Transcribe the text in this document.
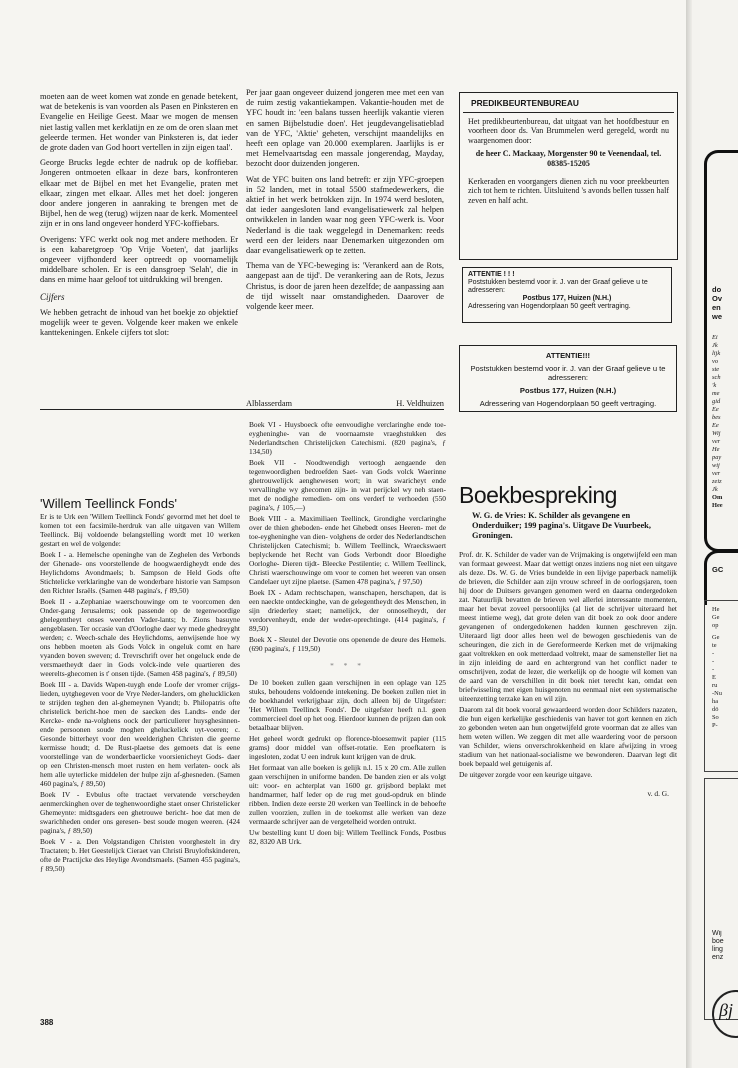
moeten aan de weet komen wat zonde en genade betekent, wat de betekenis is van voorden als Pasen en Pinksteren en Evangelie en Heilige Geest. Maar we mogen de mensen niet lastig vallen met kerklatijn en ze om de oren slaan met geleerde termen. Het wonder van Pinksteren is, dat ieder de grote daden van God hoort vertellen in zijn eigen taal'.

George Brucks legde echter de nadruk op de koffiebar. Jongeren ontmoeten elkaar in deze bars, konfronteren elkaar met de Bijbel en met het Evangelie, praten met elkaar, zingen met elkaar. Alles met het doel: jongeren door andere jongeren in aanraking te brengen met de Bijbel, hen de weg (terug) wijzen naar de kerk. Momenteel zijn er in ons land ongeveer honderd YFC-koffiebars.

Overigens: YFC werkt ook nog met andere methoden. Er is een kabaretgroep 'Op Vrije Voeten', dat jaarlijks ongeveer vijfhonderd keer optreedt op voornamelijk middelbare scholen. Er is een dansgroep 'Selah', die in dans en mime haar geloof tot uitdrukking wil brengen.

Cijfers

We hebben getracht de inhoud van het boekje zo objektief mogelijk weer te geven. Volgende keer maken we enkele kanttekeningen. Enkele cijfers tot slot:

Per jaar gaan ongeveer duizend jongeren mee met een van de ruim zestig vakantiekampen. Vakantie-houden met de YFC houdt in: 'een balans tussen heerlijk vakantie vieren en samen Bijbelstudie doen'. Het jeugdevangelisatieblad van de YFC, 'Aktie' geheten, verschijnt maandelijks en heeft een oplage van 20.000 exemplaren. Jaarlijks is er met Hemelvaartsdag een massale jongerendag, Mayday, bezocht door duizenden jongeren.

Wat de YFC buiten ons land betreft: er zijn YFC-groepen in 52 landen, met in totaal 5500 stafmedewerkers, die aktief in het werk betrokken zijn. In 1974 werd besloten, dat ieder aangesloten land evangelisatiewerk zal helpen ontwikkelen in landen waar nog geen YFC-werk is. Voor Nederland is die taak weggelegd in Denemarken: reeds werd een der leiders naar Denemarken uitgezonden om daar evangelisatiewerk op te zetten.

Thema van de YFC-beweging is: 'Verankerd aan de Rots, aangepast aan de tijd'. De verankering aan de Rots, Jezus Christus, is door de jaren heen dezelfde; de aanpassing aan de tijd wisselt naar omstandigheden. Daarover de volgende keer meer.

Alblasserdam	H. Veldhuizen
PREDIKBEURTENBUREAU

Het predikbeurtenbureau, dat uitgaat van het hoofdbestuur en voorheen door ds. Van Brummelen werd geregeld, wordt nu waargenomen door:

de heer C. Mackaay, Morgenster 90 te Veenendaal, tel. 08385-15205

Kerkeraden en voorgangers dienen zich nu voor preekbeurten zich tot hem te richten. Uitsluitend 's avonds bellen tussen half zeven en half acht.

ATTENTIE ! ! !
Poststukken bestemd voor ir. J. van der Graaf gelieve u te adresseren:
Postbus 177, Huizen (N.H.)
Adressering van Hogendorplaan 50 geeft vertraging.
ATTENTIE!!!
Poststukken bestemd voor ir. J. van der Graaf gelieve u te adresseren:
Postbus 177, Huizen (N.H.)
Adressering van Hogendorplaan 50 geeft vertraging.
'Willem Teellinck Fonds'

Er is te Urk een 'Willem Teellinck Fonds' gevormd met het doel te komen tot een facsimile-herdruk van alle uitgaven van Willem Teellinck. Bij voldoende belangstelling wordt met 10 werken gestart en wel de volgende:

Boek I - a. Hemelsche openinghe van de Zeghelen des Verbonds der Ghenade- ons voorstellende de hoogwaerdigheydt ende des Heylichdoms Avondmaels; b. Sampson de Held Gods ofte Stichtelicke verklaringhe van de wonderbare historie van Sampson den Richter Israëls. (Samen 448 pagina's, ƒ 89,50)

Boek II - a.Zephaniae waerschouwinge om te voorcomen den Onder-gang Jerusalems; ook passende op de tegenwoordige ghelegentheyt onses weerden Vader-lants; b. Zions basuyne aengeblasen. Ter occasie van d'Oorloghe daer wy mede ghedreyght werden; c. Weech-schale des Heylichdoms, aenwijsende hoe wy ons hebben moeten als Gods Volck in ongeluk comt en hare vyanden boven sweven; d. Trevrschrift over het ongeluck ende de versmaetheydt daer in Gods volck-inde vele quartieren des weerelts-ghecomen is t' onsen tijde. (Samen 458 pagina's, ƒ 89,50)

Boek III - a. Davids Wapen-tuygh ende Loofe der vromer crijgs-lieden, uytghegeven voor de Vrye Neder-landers, om ghelucklicken te strijden teghen den al-ghemeynen Vyandt; b. Philopatris ofte christelick bericht-hoe men de saecken des Landts- ende der Kercke- ende na-volghens oock der particulierer huysghesinnen- ende persoonen soude moghen gheluckelick uyt-voeren; c. Gesonde bitterheyt voor den weelderighen Christen die geerne kermisse houdt; d. De Rust-plaetse des gemoets dat is eene voorstellinge van de wonderbaerlicke voorsienicheyt Gods- daer op een Christen-mensch moet rusten en hem verlaten- oock als hem alle uyterlicke middelen der hulpe zijn af-ghesneden. (Samen 460 pagina's, ƒ 89,50)

Boek IV - Evbulus ofte tractaet vervatende verscheyden aenmerckinghen over de teghenwoordighe staet onser Christelicker Ghemeynte: midtsgaders een ghetrouwe bericht- hoe dat men de swarichheden onder ons geresen- best soude mogen weeren. (424 pagina's, ƒ 89,50)

Boek V - a. Den Volgstandigen Christen voorghestelt in dry Tractaten; b. Het Geestelijck Cieraet van Christi Bruyloftskinderen, ofte de Practijcke des Heylige Avondtsmaels. (Samen 455 pagina's, ƒ 89,50)

Boek VI - Huysboeck ofte eenvoudighe verclaringhe ende toe-eygheninghe- van de voornaamste vraeghstukken des Nederlandtschen Christelijcken Catechismi. (820 pagina's, ƒ 134,50)

Boek VII - Noodtwendigh vertoogh aengaende den tegenwoordighen bedroefden Saet- van Gods volck Waerinne ghetrouwelijck aenghewesen wort; in wat swaricheyt ende vervallinghe wy ghecomen zijn- in wat perijckel wy neh staen- met de nodighe remedien- om ons verderf te verhoeden (550 pagina's, ƒ 105,—)

Boek VIII - a. Maximiliaen Teellinck, Grondighe verclaringhe over de thien gheboden- ende het Ghebedt onses Heeren- met de toe-eygheninghe van dien- volghens de order des Nederlandtschen Christelijcken Catechismi; b. Willem Teellinck, Wraeckswaert beplyckende het Recht van Gods Verbondt door Bloedighe Oorloghe- Dieren tijdt- Bleecke Pestilentie; c. Willem Teellinck, Christi waerschouwinge om voor te comen het weeren van onsen Candelaer uyt zijne plaetse. (Samen 478 pagina's, ƒ 97,50)

Boek IX - Adam rechtschapen, wanschapen, herschapen, dat is een naeckte ontdeckinghe, van de gelegentheydt des Menschen, in sijn driederley staet; namelijck, der onnoselheydt, der verdorvenheydt, ende der weder-oprechtinge. (414 pagina's, ƒ 89,50)

Boek X - Sleutel der Devotie ons openende de deure des Hemels. (690 pagina's, ƒ 119,50)

* * *

De 10 boeken zullen gaan verschijnen in een oplage van 125 stuks, behoudens voldoende intekening. De boeken zullen niet in de boekhandel verkrijgbaar zijn, doch alleen bij de Uitgefster: 'Het Willem Teellinck Fonds'. De uitgefster heeft n.l. geen commercieel doel op het oog. Hierdoor kunnen de prijzen dan ook betaalbaar blijven.

Het geheel wordt gedrukt op florence-bloesemwit papier (115 grams) door middel van offset-rotatie. Een proefkatern is ingesloten, zodat U een indruk kunt krijgen van de druk.

Het formaat van alle boeken is gelijk n.l. 15 x 20 cm. Alle zullen gaan verschijnen in uniforme banden. De banden zien er als volgt uit: voor- en achterplat van 1600 gr. grijsbord beplakt met handmarmer, half leder op de rug met goud-opdruk en blinde ribben. Indien deze eerste 20 werken van Teellinck in de behoefte zullen voorzien, zullen in de toekomst alle werken van deze vermaarde schrijver aan de vergetelheid worden ontrukt.

Uw bestelling kunt U doen bij: Willem Teellinck Fonds, Postbus 82, 8320 AB Urk.

Boekbespreking
W. G. de Vries: K. Schilder als gevangene en Onderduiker; 199 pagina's. Uitgave De Vuurbeek, Groningen.

Prof. dr. K. Schilder de vader van de Vrijmaking is ongetwijfeld een man van formaat geweest. Maar dat wettigt onzes inziens nog niet een uitgave als deze. Ds. W. G. de Vries bundelde in een lijvige paperback namelijk de brieven, die Schilder aan zijn vrouw schreef in de oorlogsjaren, toen hij door de Duitsers gevangen genomen werd en daarna ondergedoken zat. Natuurlijk bevatten de brieven wel allerlei interessante momenten, maar het bevat zoveel persoonlijks (al liet de schrijver uiteraard het meest intieme weg), dat grote delen van dit boek zo ook door andere gevangenen of ondergedokenen hadden kunnen geschreven zijn. Uiteraard ligt door alles heen wel de bewogen geschiedenis van de scheuringen, die zich in de Gereformeerde Kerken met de vrijmaking gaat voltrekken en ook metterdaad voltrekt, maar de samensteller liet na in zijn inleiding de aard en achtergrond van het conflict nader te omschrijven, zodat de lezer, die werkelijk op de hoogte wil komen van de aard van de verschillen in dit boek niet terecht kan, omdat een briefwisseling met eigen huisgenoten nu eenmaal niet een systematische uiteenzetting terzake kan en wil zijn.

Daarom zal dit boek vooral gewaardeerd worden door Schilders nazaten, die hun eigen kerkelijke geschiedenis van haver tot gort kennen en zich zo gebonden weten aan hun ongetwijfeld grote voorman dat ze alles van hem weten willen. We zeggen dit met alle waardering voor de persoon van Schilder, wiens onverschrokkenheid en klare afwijzing in vroeg stadium van het nationaal-socialisme we bewonderen. Daarvan legt dit boek bepaald wel getuigenis af.

De uitgever zorgde voor een keurige uitgave.

v. d. G.
388
do
Ov
en
we
Ei
Jk
lijk
vo
ste
sch
'k
me
gid
Ee
bes
Ee
Wij
ver
He
pay
wij
ver
zeiz
Jk
Om
Hee
GC
He
Ge
op
Ge
te
-
-
-
E
ru
-Nu
ha
dö
So
P-
Wij
boe
ling
enz
βj
